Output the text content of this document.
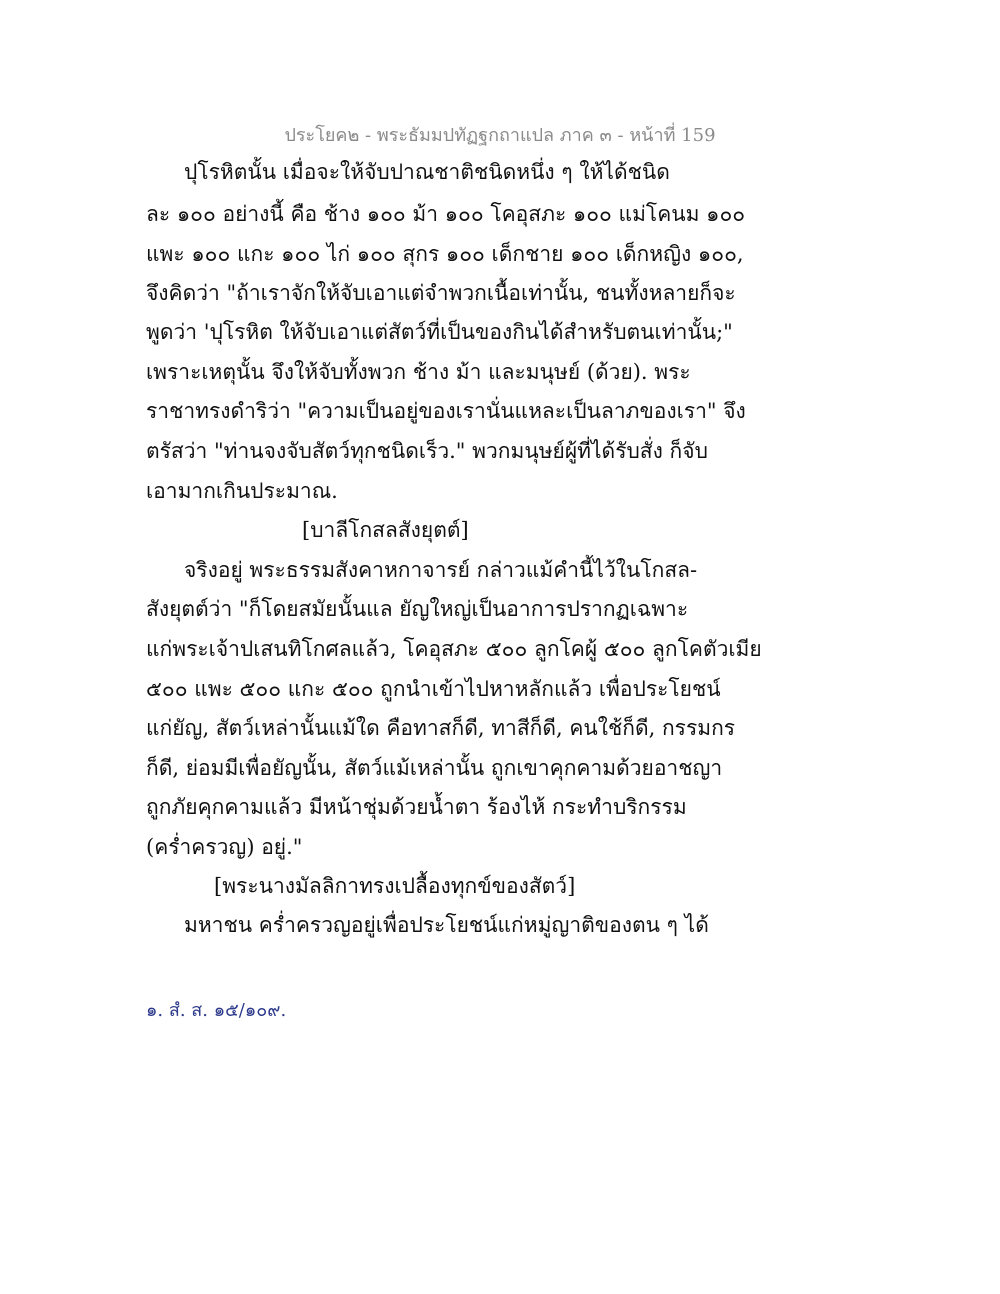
ประโยค๒ - พระธัมมปทัฏฐกถาแปล ภาค ๓ - หน้าที่ 159
ปุโรหิตนั้น เมื่อจะให้จับปาณชาติชนิดหนึ่ง ๆ ให้ได้ชนิด
ละ ๑๐๐ อย่างนี้ คือ ช้าง ๑๐๐ ม้า ๑๐๐ โคอุสภะ ๑๐๐ แม่โคนม ๑๐๐
แพะ ๑๐๐ แกะ ๑๐๐ ไก่ ๑๐๐ สุกร ๑๐๐ เด็กชาย ๑๐๐ เด็กหญิง ๑๐๐,
จึงคิดว่า "ถ้าเราจักให้จับเอาแต่จำพวกเนื้อเท่านั้น, ชนทั้งหลายก็จะ
พูดว่า 'ปุโรหิต ให้จับเอาแต่สัตว์ที่เป็นของกินได้สำหรับตนเท่านั้น;"
เพราะเหตุนั้น จึงให้จับทั้งพวก ช้าง ม้า และมนุษย์ (ด้วย). พระ
ราชาทรงดำริว่า "ความเป็นอยู่ของเรานั่นแหละเป็นลาภของเรา" จึง
ตรัสว่า "ท่านจงจับสัตว์ทุกชนิดเร็ว." พวกมนุษย์ผู้ที่ได้รับสั่ง ก็จับ
เอามากเกินประมาณ.
[บาลีโกสลสังยุตต์]
จริงอยู่ พระธรรมสังคาหกาจารย์ กล่าวแม้คำนี้ไว้ในโกสล-
สังยุตต์ว่า "ก็โดยสมัยนั้นแล ยัญใหญ่เป็นอาการปรากฏเฉพาะ
แก่พระเจ้าปเสนทิโกศลแล้ว, โคอุสภะ ๕๐๐ ลูกโคผู้ ๕๐๐ ลูกโคตัวเมีย
๕๐๐ แพะ ๕๐๐ แกะ ๕๐๐ ถูกนำเข้าไปหาหลักแล้ว เพื่อประโยชน์
แก่ยัญ, สัตว์เหล่านั้นแม้ใด คือทาสก็ดี, ทาสีก็ดี, คนใช้ก็ดี, กรรมกร
ก็ดี, ย่อมมีเพื่อยัญนั้น, สัตว์แม้เหล่านั้น ถูกเขาคุกคามด้วยอาชญา
ถูกภัยคุกคามแล้ว มีหน้าชุ่มด้วยน้ำตา ร้องไห้ กระทำบริกรรม
(คร่ำครวญ) อยู่."
[พระนางมัลลิกาทรงเปลื้องทุกข์ของสัตว์]
มหาชน คร่ำครวญอยู่เพื่อประโยชน์แก่หมู่ญาติของตน ๆ ได้
๑. สํ. ส. ๑๕/๑๐๙.
